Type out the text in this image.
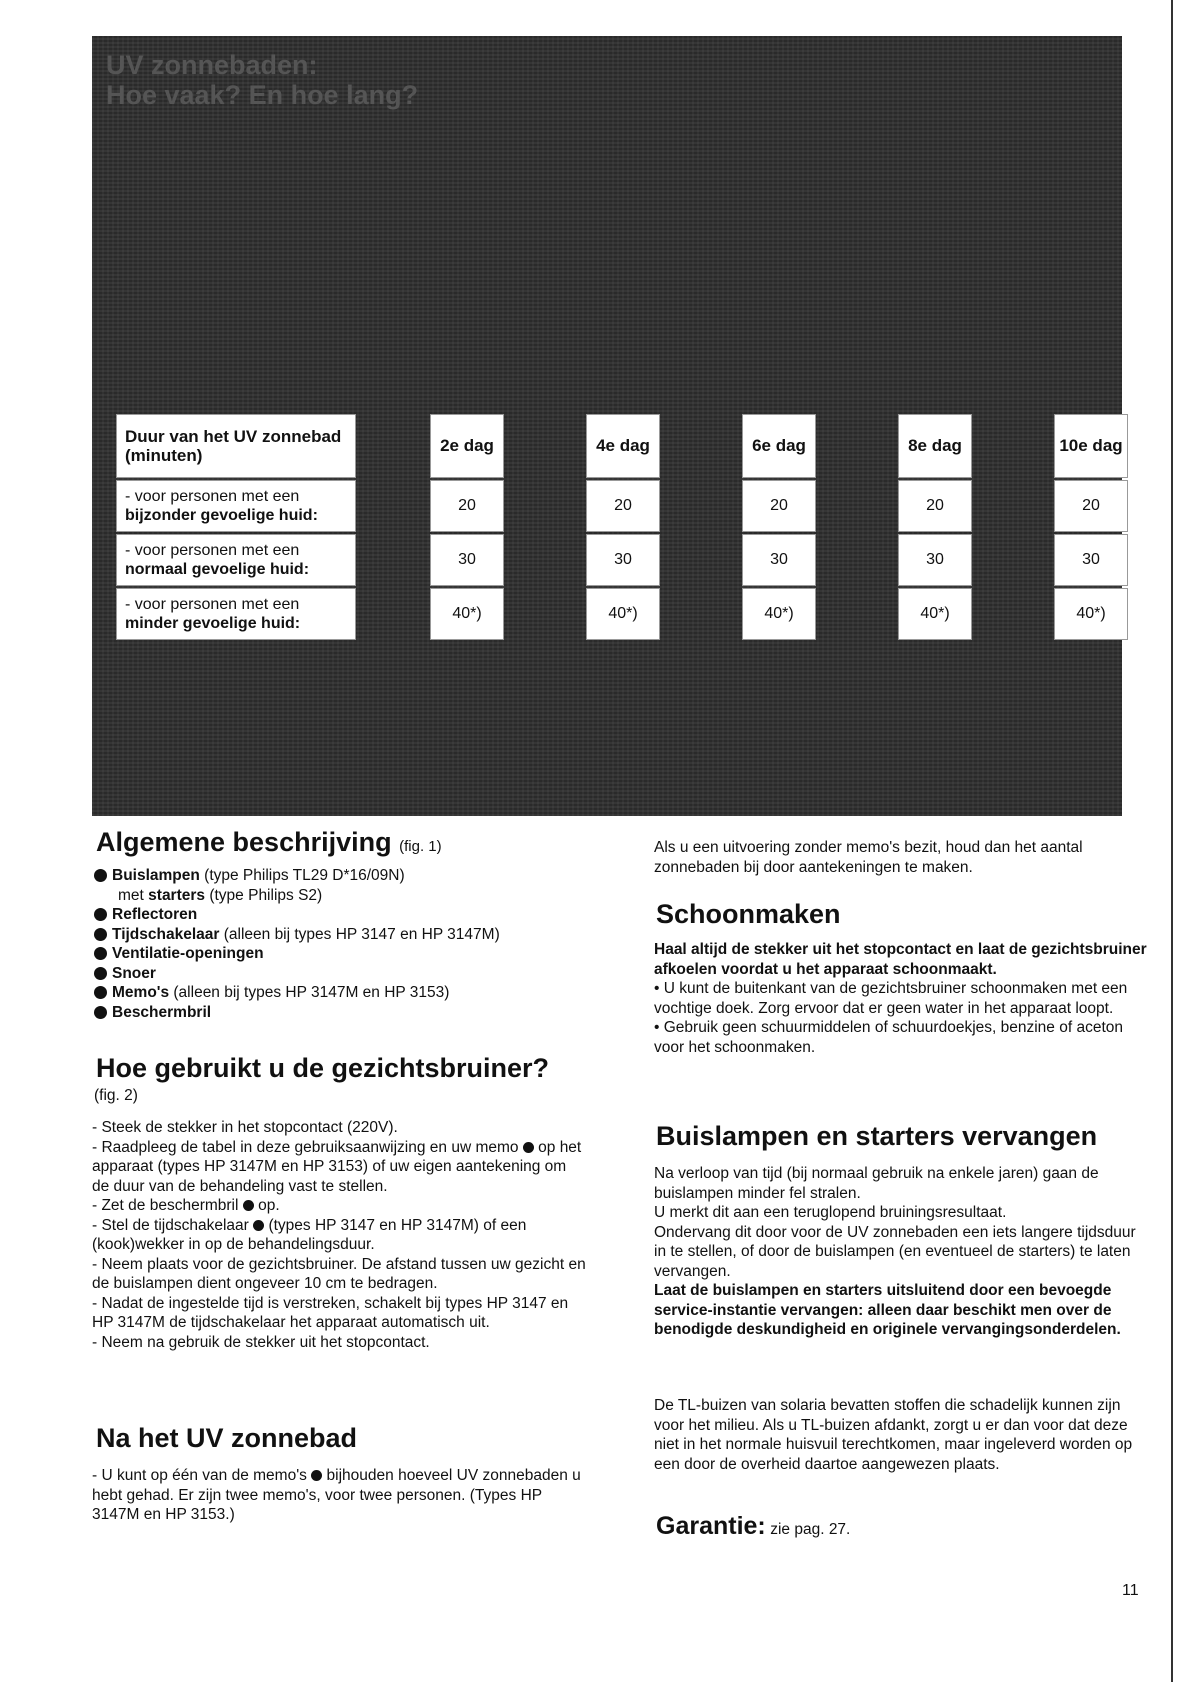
UV zonnebaden:
Hoe vaak? En hoe lang?
Duur van het UV zonnebad (minuten)
2e dag	4e dag	6e dag	8e dag	10e dag
- voor personen met een
bijzonder gevoelige huid:
20	20	20	20	20
- voor personen met een
normaal gevoelige huid:
30	30	30	30	30
- voor personen met een
minder gevoelige huid:
40*)	40*)	40*)	40*)	40*)
Algemene beschrijving (fig. 1)
Buislampen (type Philips TL29 D*16/09N)
met starters (type Philips S2)
Reflectoren
Tijdschakelaar (alleen bij types HP 3147 en HP 3147M)
Ventilatie-openingen
Snoer
Memo's (alleen bij types HP 3147M en HP 3153)
Beschermbril
Hoe gebruikt u de gezichtsbruiner?
(fig. 2)

- Steek de stekker in het stopcontact (220V).

- Raadpleeg de tabel in deze gebruiksaanwijzing en uw memo op het apparaat (types HP 3147M en HP 3153) of uw eigen aantekening om de duur van de behandeling vast te stellen.

- Zet de beschermbril op.

- Stel de tijdschakelaar (types HP 3147 en HP 3147M) of een (kook)wekker in op de behandelingsduur.

- Neem plaats voor de gezichtsbruiner. De afstand tussen uw gezicht en de buislampen dient ongeveer 10 cm te bedragen.

- Nadat de ingestelde tijd is verstreken, schakelt bij types HP 3147 en HP 3147M de tijdschakelaar het apparaat automatisch uit.

- Neem na gebruik de stekker uit het stopcontact.

Na het UV zonnebad

- U kunt op één van de memo's bijhouden hoeveel UV zonnebaden u hebt gehad. Er zijn twee memo's, voor twee personen. (Types HP 3147M en HP 3153.)

Als u een uitvoering zonder memo's bezit, houd dan het aantal zonnebaden bij door aantekeningen te maken.
Schoonmaken

Haal altijd de stekker uit het stopcontact en laat de gezichtsbruiner afkoelen voordat u het apparaat schoonmaakt.

• U kunt de buitenkant van de gezichtsbruiner schoonmaken met een vochtige doek. Zorg ervoor dat er geen water in het apparaat loopt.

• Gebruik geen schuurmiddelen of schuurdoekjes, benzine of aceton voor het schoonmaken.

Buislampen en starters vervangen

Na verloop van tijd (bij normaal gebruik na enkele jaren) gaan de buislampen minder fel stralen.

U merkt dit aan een teruglopend bruiningsresultaat.

Ondervang dit door voor de UV zonnebaden een iets langere tijdsduur in te stellen, of door de buislampen (en eventueel de starters) te laten vervangen.

Laat de buislampen en starters uitsluitend door een bevoegde service-instantie vervangen: alleen daar beschikt men over de benodigde deskundigheid en originele vervangingsonderdelen.

De TL-buizen van solaria bevatten stoffen die schadelijk kunnen zijn voor het milieu. Als u TL-buizen afdankt, zorgt u er dan voor dat deze niet in het normale huisvuil terechtkomen, maar ingeleverd worden op een door de overheid daartoe aangewezen plaats.
Garantie: zie pag. 27.
11
